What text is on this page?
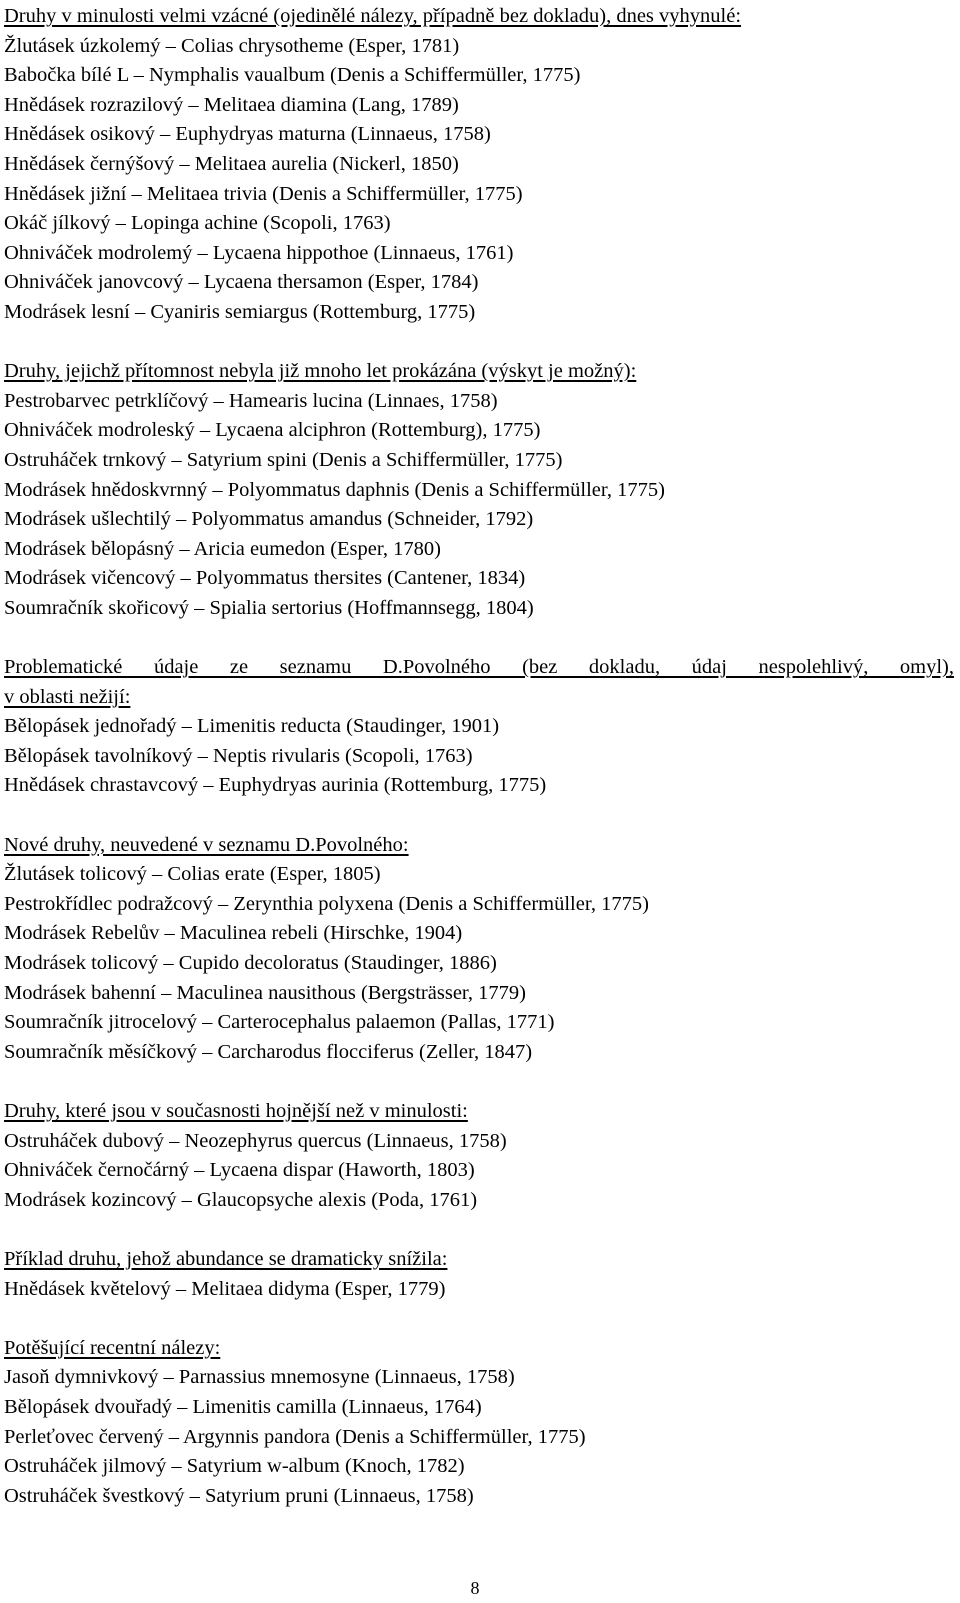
Druhy v minulosti velmi vzácné (ojedinělé nálezy, případně bez dokladu), dnes vyhynulé:
Žlutásek úzkolemý – Colias chrysotheme (Esper, 1781)
Babočka bílé L – Nymphalis vaualbum (Denis a Schiffermüller, 1775)
Hnědásek rozrazilový – Melitaea diamina (Lang, 1789)
Hnědásek osikový – Euphydryas maturna (Linnaeus, 1758)
Hnědásek černýšový – Melitaea aurelia (Nickerl, 1850)
Hnědásek jižní – Melitaea trivia (Denis a Schiffermüller, 1775)
Okáč jílkový – Lopinga achine (Scopoli, 1763)
Ohniváček modrolemý – Lycaena hippothoe (Linnaeus, 1761)
Ohniváček janovcový – Lycaena thersamon (Esper, 1784)
Modrásek lesní – Cyaniris semiargus (Rottemburg, 1775)
Druhy, jejichž přítomnost nebyla již mnoho let prokázána (výskyt je možný):
Pestrobarvec petrklíčový – Hamearis lucina (Linnaes, 1758)
Ohniváček modroleský – Lycaena alciphron (Rottemburg), 1775)
Ostruháček trnkový – Satyrium spini (Denis a Schiffermüller, 1775)
Modrásek hnědoskvrnný – Polyommatus daphnis (Denis a Schiffermüller, 1775)
Modrásek ušlechtilý – Polyommatus amandus (Schneider, 1792)
Modrásek bělopásný – Aricia eumedon (Esper, 1780)
Modrásek vičencový – Polyommatus thersites (Cantener, 1834)
Soumračník skořicový – Spialia sertorius (Hoffmannsegg, 1804)
Problematické údaje ze seznamu D.Povolného (bez dokladu, údaj nespolehlivý, omyl),
v oblasti nežijí:
Bělopásek jednořadý – Limenitis reducta (Staudinger, 1901)
Bělopásek tavolníkový – Neptis rivularis (Scopoli, 1763)
Hnědásek chrastavcový – Euphydryas aurinia (Rottemburg, 1775)
Nové druhy, neuvedené v seznamu D.Povolného:
Žlutásek tolicový – Colias erate (Esper, 1805)
Pestrokřídlec podražcový – Zerynthia polyxena (Denis a Schiffermüller, 1775)
Modrásek Rebelův – Maculinea rebeli (Hirschke, 1904)
Modrásek tolicový – Cupido decoloratus (Staudinger, 1886)
Modrásek bahenní – Maculinea nausithous (Bergsträsser, 1779)
Soumračník jitrocelový – Carterocephalus palaemon (Pallas, 1771)
Soumračník měsíčkový – Carcharodus flocciferus (Zeller, 1847)
Druhy, které jsou v současnosti hojnější než v minulosti:
Ostruháček dubový – Neozephyrus quercus (Linnaeus, 1758)
Ohniváček černočárný – Lycaena dispar (Haworth, 1803)
Modrásek kozincový – Glaucopsyche alexis (Poda, 1761)
Příklad druhu, jehož abundance se dramaticky snížila:
Hnědásek květelový – Melitaea didyma (Esper, 1779)
Potěšující recentní nálezy:
Jasoň dymnivkový – Parnassius mnemosyne (Linnaeus, 1758)
Bělopásek dvouřadý – Limenitis camilla (Linnaeus, 1764)
Perleťovec červený – Argynnis pandora (Denis a Schiffermüller, 1775)
Ostruháček jilmový – Satyrium w-album (Knoch, 1782)
Ostruháček švestkový – Satyrium pruni (Linnaeus, 1758)
8
